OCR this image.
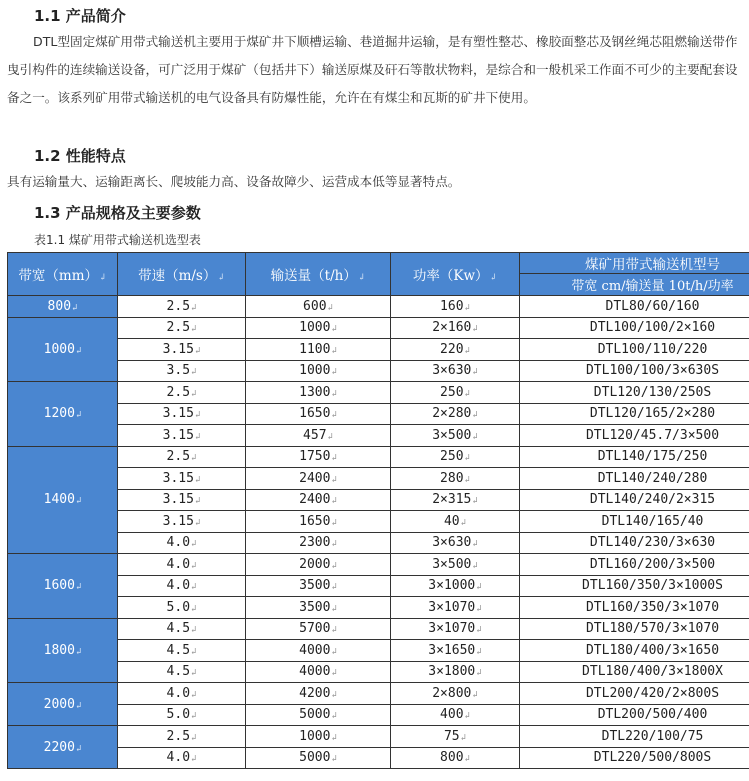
1.1 产品简介

DTL型固定煤矿用带式输送机主要用于煤矿井下顺槽运输、巷道掘井运输，是有塑性整芯、橡胶面整芯及钢丝绳芯阻燃输送带作曳引构件的连续输送设备，可广泛用于煤矿（包括井下）输送原煤及矸石等散状物料，是综合和一般机采工作面不可少的主要配套设备之一。该系列矿用带式输送机的电气设备具有防爆性能，允许在有煤尘和瓦斯的矿井下使用。

1.2 性能特点

具有运输量大、运输距离长、爬坡能力高、设备故障少、运营成本低等显著特点。

1.3 产品规格及主要参数
表1.1 煤矿用带式输送机选型表
带宽（mm）↲	带速（m/s）↲	输送量（t/h）↲	功率（Kw）↲	煤矿用带式输送机型号
				带宽 cm/输送量 10t/h/功率
800↲	2.5↲	600↲	160↲	DTL80/60/160
1000↲	2.5↲	1000↲	2×160↲	DTL100/100/2×160
	3.15↲	1100↲	220↲	DTL100/110/220
	3.5↲	1000↲	3×630↲	DTL100/100/3×630S
1200↲	2.5↲	1300↲	250↲	DTL120/130/250S
	3.15↲	1650↲	2×280↲	DTL120/165/2×280
	3.15↲	457↲	3×500↲	DTL120/45.7/3×500
1400↲	2.5↲	1750↲	250↲	DTL140/175/250
	3.15↲	2400↲	280↲	DTL140/240/280
	3.15↲	2400↲	2×315↲	DTL140/240/2×315
	3.15↲	1650↲	40↲	DTL140/165/40
	4.0↲	2300↲	3×630↲	DTL140/230/3×630
1600↲	4.0↲	2000↲	3×500↲	DTL160/200/3×500
	4.0↲	3500↲	3×1000↲	DTL160/350/3×1000S
	5.0↲	3500↲	3×1070↲	DTL160/350/3×1070
1800↲	4.5↲	5700↲	3×1070↲	DTL180/570/3×1070
	4.5↲	4000↲	3×1650↲	DTL180/400/3×1650
	4.5↲	4000↲	3×1800↲	DTL180/400/3×1800X
2000↲	4.0↲	4200↲	2×800↲	DTL200/420/2×800S
	5.0↲	5000↲	400↲	DTL200/500/400
2200↲	2.5↲	1000↲	75↲	DTL220/100/75
	4.0↲	5000↲	800↲	DTL220/500/800S
